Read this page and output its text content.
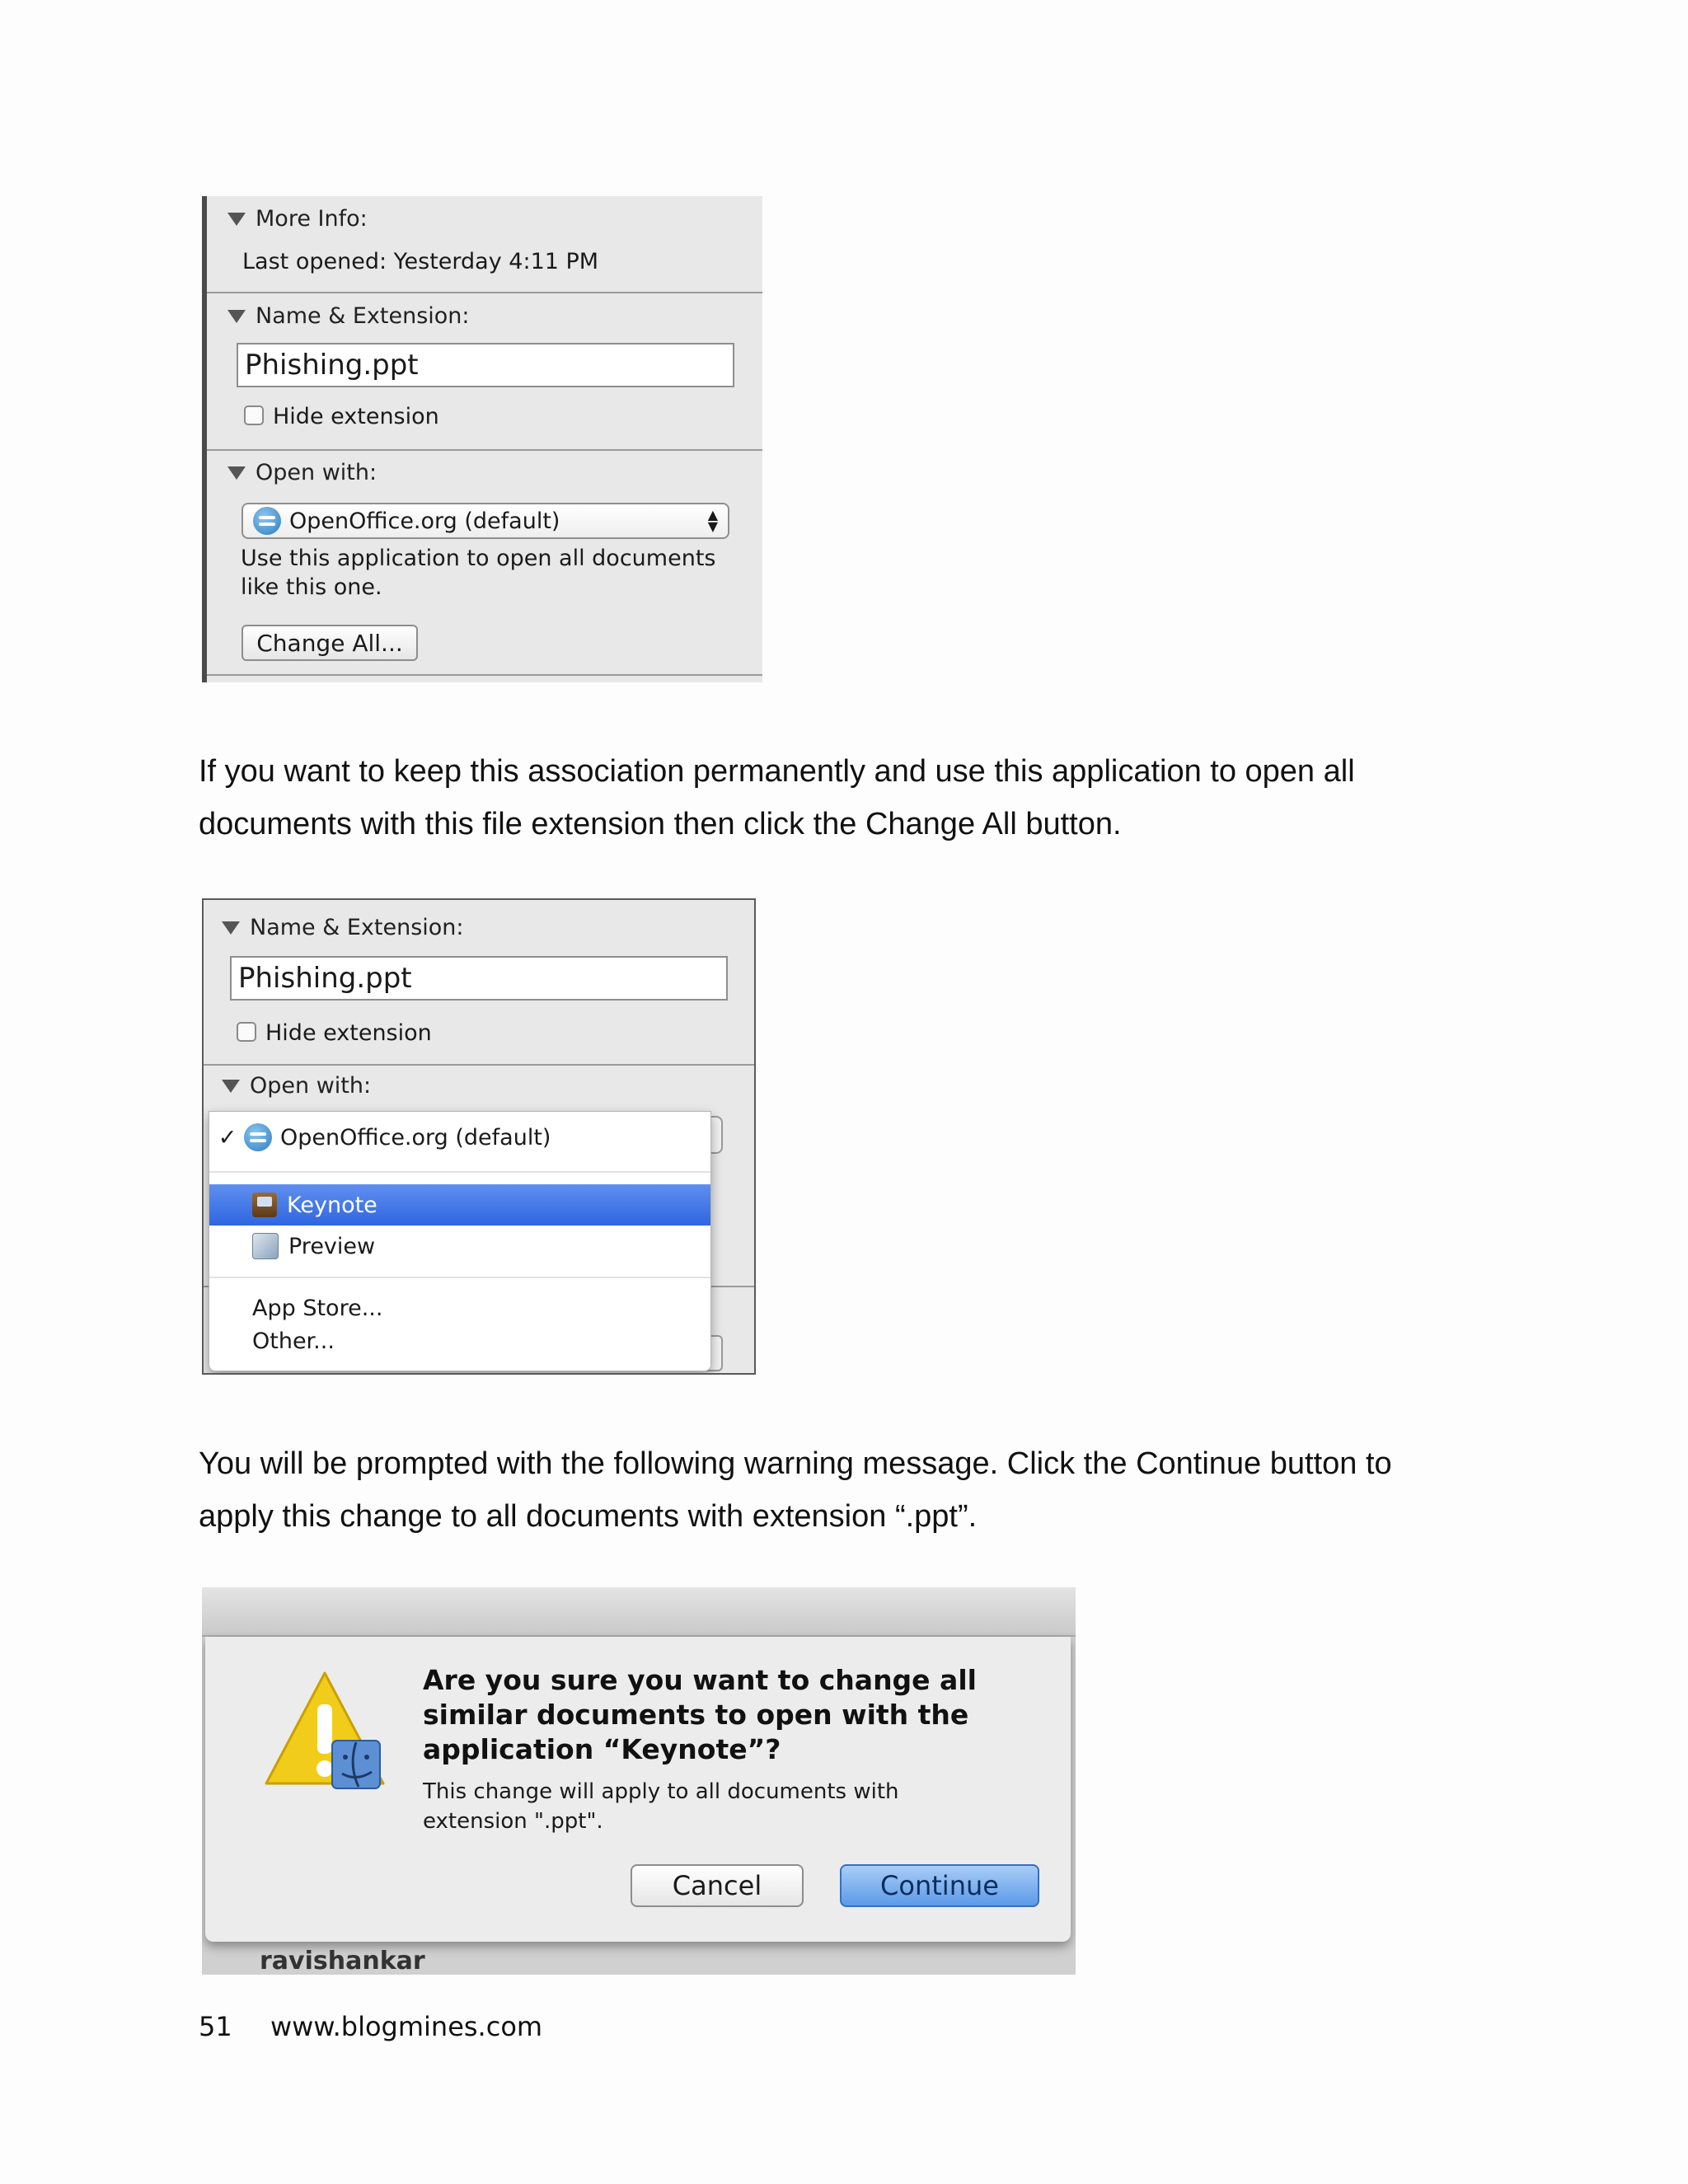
More Info:
Last opened: Yesterday 4:11 PM
Name & Extension:
Phishing.ppt
Hide extension
Open with:
OpenOffice.org (default)	▲
▼
Use this application to open all documents
like this one.
Change All...
If you want to keep this association permanently and use this application to open all
documents with this file extension then click the Change All button.
Name & Extension:
Phishing.ppt
Hide extension
Open with:
✓ OpenOffice.org (default)
Keynote
Preview
App Store...
Other...
You will be prompted with the following warning message. Click the Continue button to
apply this change to all documents with extension “.ppt”.
Are you sure you want to change all
similar documents to open with the
application “Keynote”?
This change will apply to all documents with
extension ".ppt".
Cancel	Continue
ravishankar
51 www.blogmines.com
